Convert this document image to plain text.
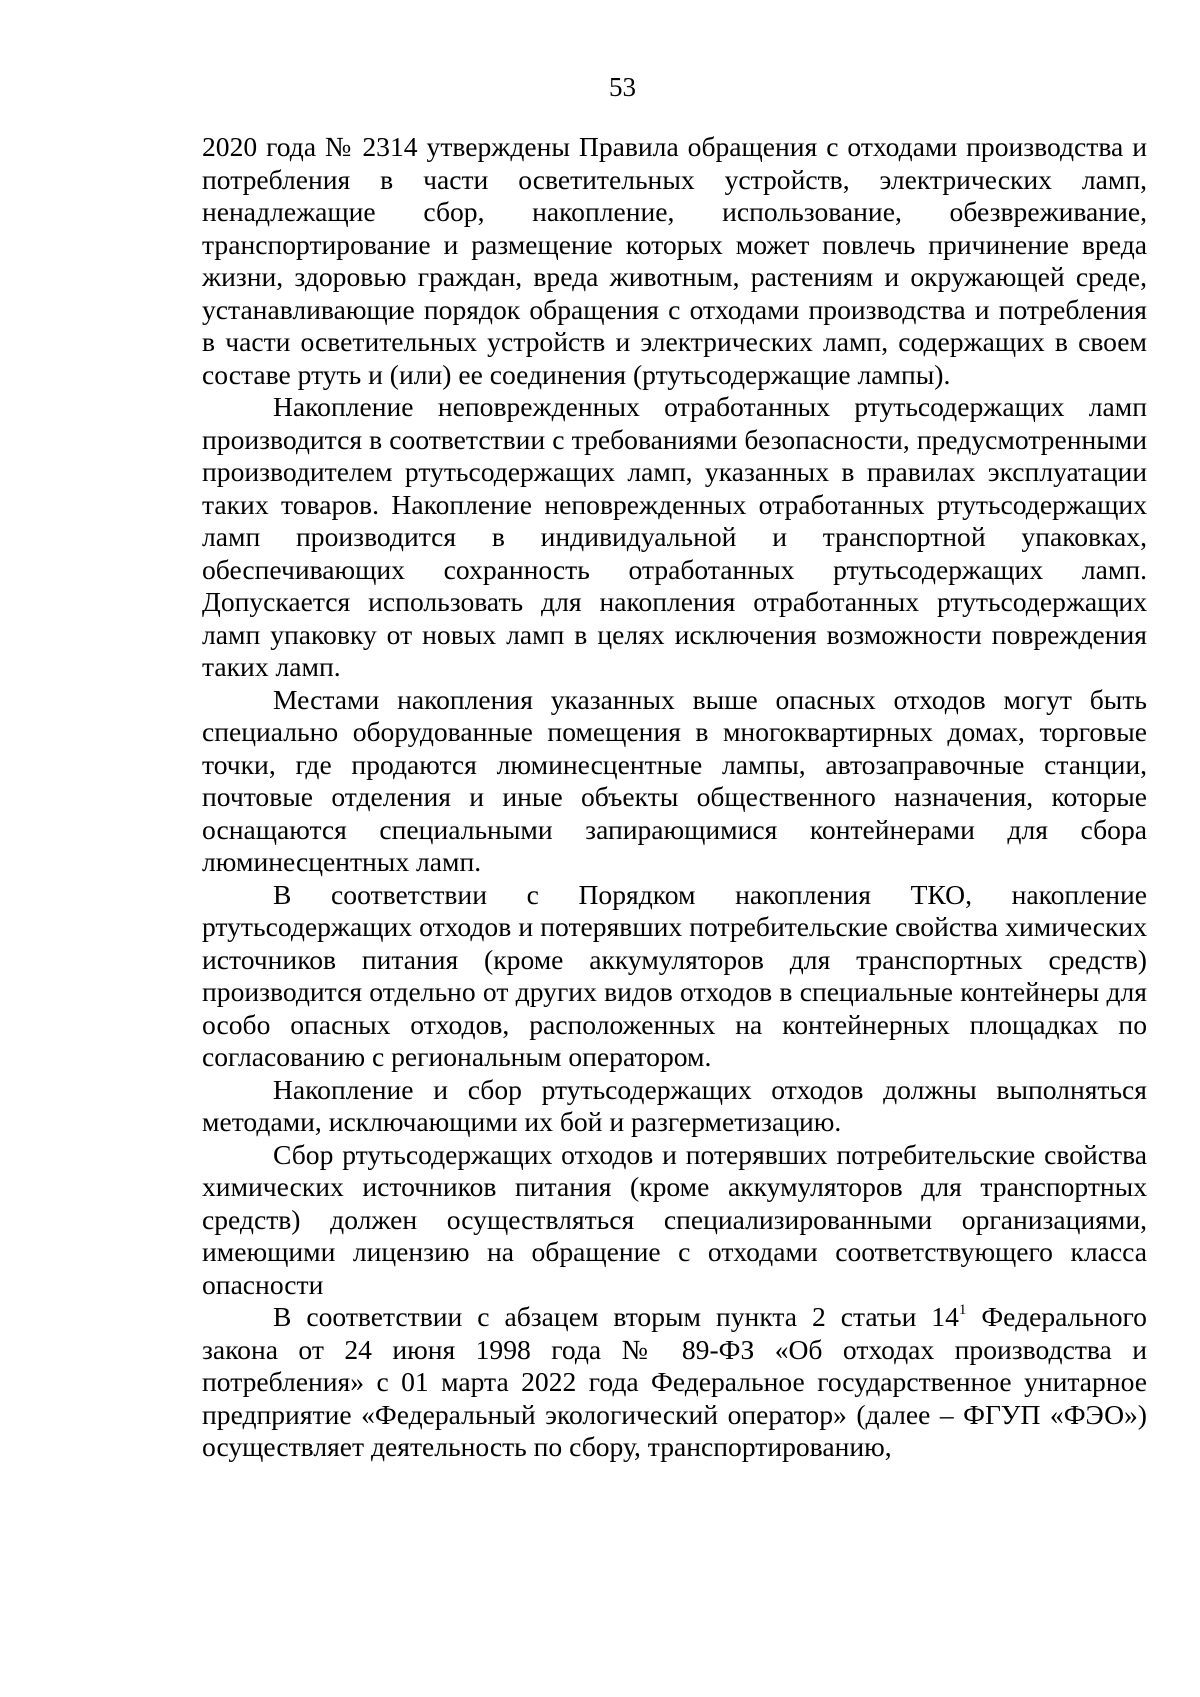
53

2020 года № 2314 утверждены Правила обращения с отходами производства и потребления в части осветительных устройств, электрических ламп, ненадлежащие сбор, накопление, использование, обезвреживание, транспортирование и размещение которых может повлечь причинение вреда жизни, здоровью граждан, вреда животным, растениям и окружающей среде, устанавливающие порядок обращения с отходами производства и потребления в части осветительных устройств и электрических ламп, содержащих в своем составе ртуть и (или) ее соединения (ртутьсодержащие лампы).

Накопление неповрежденных отработанных ртутьсодержащих ламп производится в соответствии с требованиями безопасности, предусмотренными производителем ртутьсодержащих ламп, указанных в правилах эксплуатации таких товаров. Накопление неповрежденных отработанных ртутьсодержащих ламп производится в индивидуальной и транспортной упаковках, обеспечивающих сохранность отработанных ртутьсодержащих ламп. Допускается использовать для накопления отработанных ртутьсодержащих ламп упаковку от новых ламп в целях исключения возможности повреждения таких ламп.

Местами накопления указанных выше опасных отходов могут быть специально оборудованные помещения в многоквартирных домах, торговые точки, где продаются люминесцентные лампы, автозаправочные станции, почтовые отделения и иные объекты общественного назначения, которые оснащаются специальными запирающимися контейнерами для сбора люминесцентных ламп.

В соответствии с Порядком накопления ТКО, накопление ртутьсодержащих отходов и потерявших потребительские свойства химических источников питания (кроме аккумуляторов для транспортных средств) производится отдельно от других видов отходов в специальные контейнеры для особо опасных отходов, расположенных на контейнерных площадках по согласованию с региональным оператором.

Накопление и сбор ртутьсодержащих отходов должны выполняться методами, исключающими их бой и разгерметизацию.

Сбор ртутьсодержащих отходов и потерявших потребительские свойства химических источников питания (кроме аккумуляторов для транспортных средств) должен осуществляться специализированными организациями, имеющими лицензию на обращение с отходами соответствующего класса опасности

В соответствии с абзацем вторым пункта 2 статьи $14^1$ Федерального закона от 24 июня 1998 года № 89-ФЗ «Об отходах производства и потребления» с 01 марта 2022 года Федеральное государственное унитарное предприятие «Федеральный экологический оператор» (далее – ФГУП «ФЭО») осуществляет деятельность по сбору, транспортированию,
